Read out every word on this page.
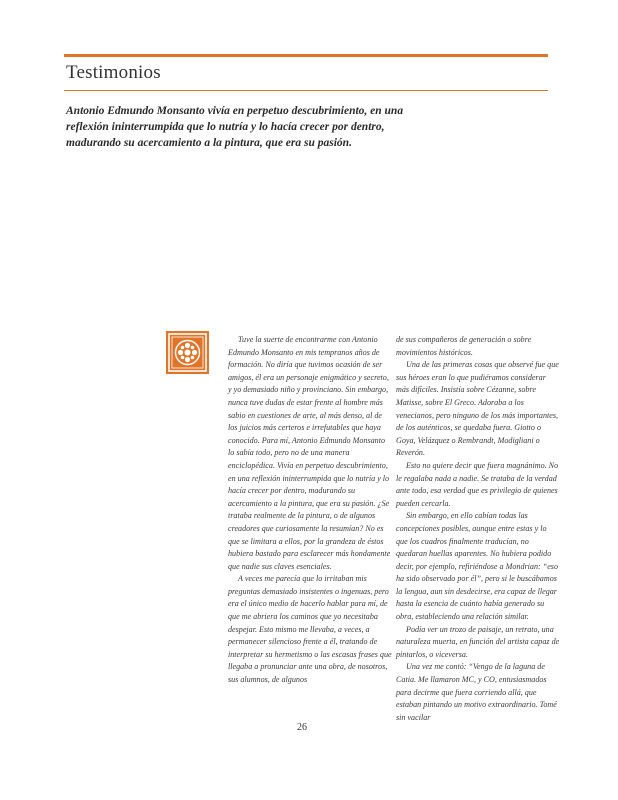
Testimonios
Antonio Edmundo Monsanto vivía en perpetuo descubrimiento, en una reflexión ininterrumpida que lo nutría y lo hacía crecer por dentro, madurando su acercamiento a la pintura, que era su pasión.

Tuve la suerte de encontrarme con Antonio Edmundo Monsanto en mis tempranos años de formación. No diría que tuvimos ocasión de ser amigos, él era un personaje enigmático y secreto, y yo demasiado niño y provinciano. Sin embargo, nunca tuve dudas de estar frente al hombre más sabio en cuestiones de arte, al más denso, al de los juicios más certeros e irrefutables que haya conocido. Para mí, Antonio Edmundo Monsanto lo sabía todo, pero no de una manera enciclopédica. Vivía en perpetuo descubrimiento, en una reflexión ininterrumpida que lo nutría y lo hacía crecer por dentro, madurando su acercamiento a la pintura, que era su pasión. ¿Se trataba realmente de la pintura, o de algunos creadores que curiosamente la resumían? No es que se limitara a ellos, por la grandeza de éstos hubiera bastado para esclarecer más hondamente que nadie sus claves esenciales.

A veces me parecía que lo irritaban mis preguntas demasiado insistentes o ingenuas, pero era el único medio de hacerlo hablar para mí, de que me abriera los caminos que yo necesitaba despejar. Esto mismo me llevaba, a veces, a permanecer silencioso frente a él, tratando de interpretar su hermetismo o las escasas frases que llegaba a pronunciar ante una obra, de nosotros, sus alumnos, de algunos

de sus compañeros de generación o sobre movimientos históricos.

Una de las primeras cosas que observé fue que sus héroes eran lo que pudiéramos considerar más difíciles. Insistía sobre Cézanne, sobre Matisse, sobre El Greco. Adoraba a los venecianos, pero ninguno de los más importantes, de los auténticos, se quedaba fuera. Giotto o Goya, Velázquez o Rembrandt, Modigliani o Reverón.

Esto no quiere decir que fuera magnánimo. No le regalaba nada a nadie. Se trataba de la verdad ante todo, esa verdad que es privilegio de quienes pueden cercarla.

Sin embargo, en ello cabían todas las concepciones posibles, aunque entre estas y lo que los cuadros finalmente traducían, no quedaran huellas aparentes. No hubiera podido decir, por ejemplo, refiriéndose a Mondrian: “eso ha sido observado por él”, pero si le buscábamos la lengua, aun sin desdecirse, era capaz de llegar hasta la esencia de cuánto había generado su obra, estableciendo una relación similar.

Podía ver un trozo de paisaje, un retrato, una naturaleza muerta, en función del artista capaz de pintarlos, o viceversa.

Una vez me contó: “Vengo de la laguna de Catia. Me llamaron MC, y CO, entusiasmados para decirme que fuera corriendo allá, que estaban pintando un motivo extraordinario. Tomé sin vacilar

26
